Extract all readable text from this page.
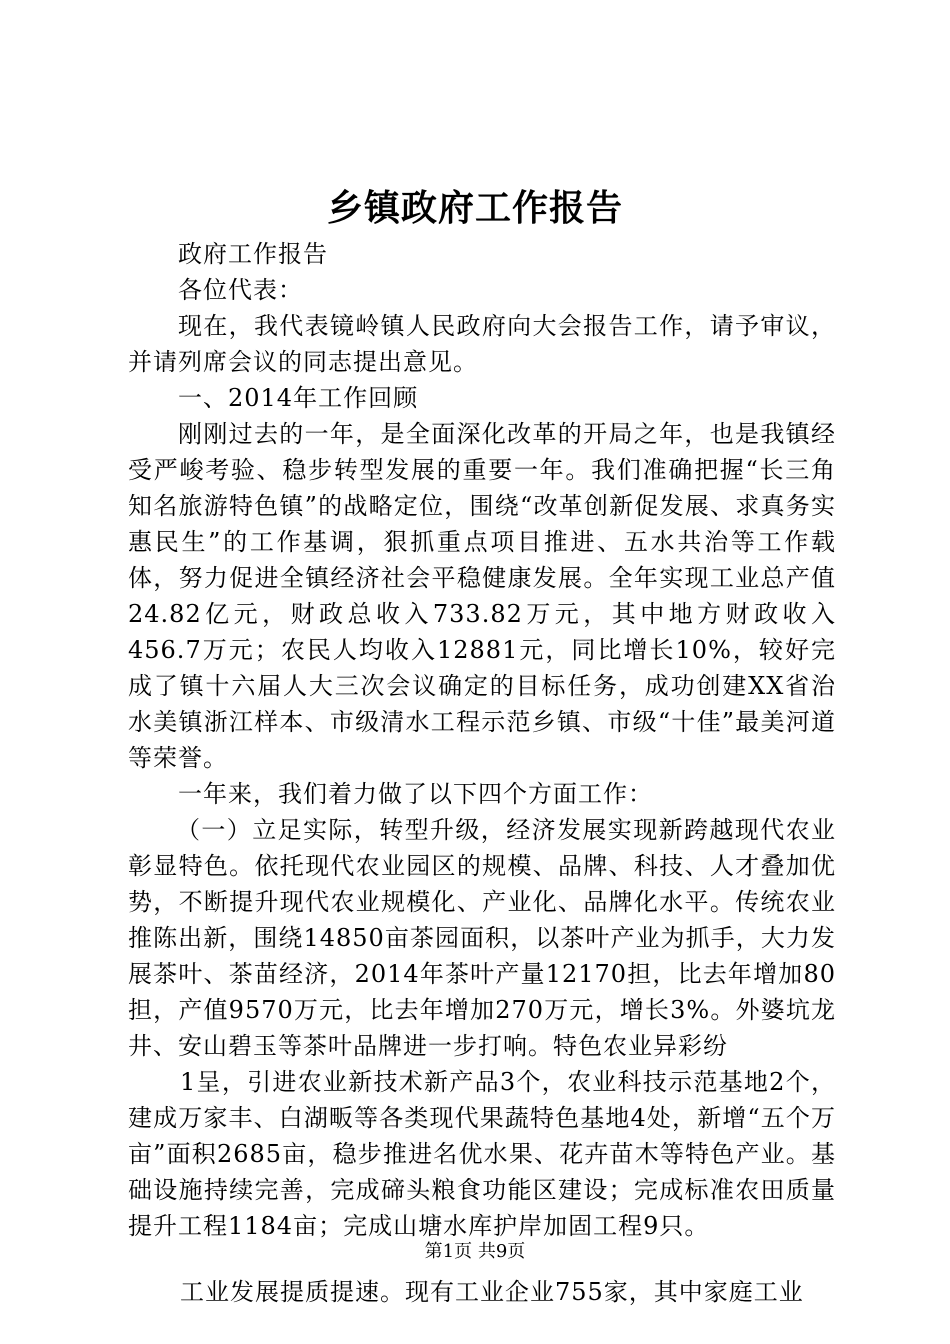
乡镇政府工作报告

政府工作报告

各位代表：

现在，我代表镜岭镇人民政府向大会报告工作，请予审议，并请列席会议的同志提出意见。

一、2014年工作回顾

刚刚过去的一年，是全面深化改革的开局之年，也是我镇经受严峻考验、稳步转型发展的重要一年。我们准确把握“长三角知名旅游特色镇”的战略定位，围绕“改革创新促发展、求真务实惠民生”的工作基调，狠抓重点项目推进、五水共治等工作载体，努力促进全镇经济社会平稳健康发展。全年实现工业总产值24.82亿元，财政总收入733.82万元，其中地方财政收入456.7万元；农民人均收入12881元，同比增长10%，较好完成了镇十六届人大三次会议确定的目标任务，成功创建XX省治水美镇浙江样本、市级清水工程示范乡镇、市级“十佳”最美河道等荣誉。

一年来，我们着力做了以下四个方面工作：

（一）立足实际，转型升级，经济发展实现新跨越现代农业彰显特色。依托现代农业园区的规模、品牌、科技、人才叠加优势，不断提升现代农业规模化、产业化、品牌化水平。传统农业推陈出新，围绕14850亩茶园面积，以茶叶产业为抓手，大力发展茶叶、茶苗经济，2014年茶叶产量12170担，比去年增加80担，产值9570万元，比去年增加270万元，增长3%。外婆坑龙井、安山碧玉等茶叶品牌进一步打响。特色农业异彩纷

1呈，引进农业新技术新产品3个，农业科技示范基地2个，建成万家丰、白湖畈等各类现代果蔬特色基地4处，新增“五个万亩”面积2685亩，稳步推进名优水果、花卉苗木等特色产业。基础设施持续完善，完成碲头粮食功能区建设；完成标准农田质量提升工程1184亩；完成山塘水库护岸加固工程9只。

工业发展提质提速。现有工业企业755家，其中家庭工业

第1页 共9页
